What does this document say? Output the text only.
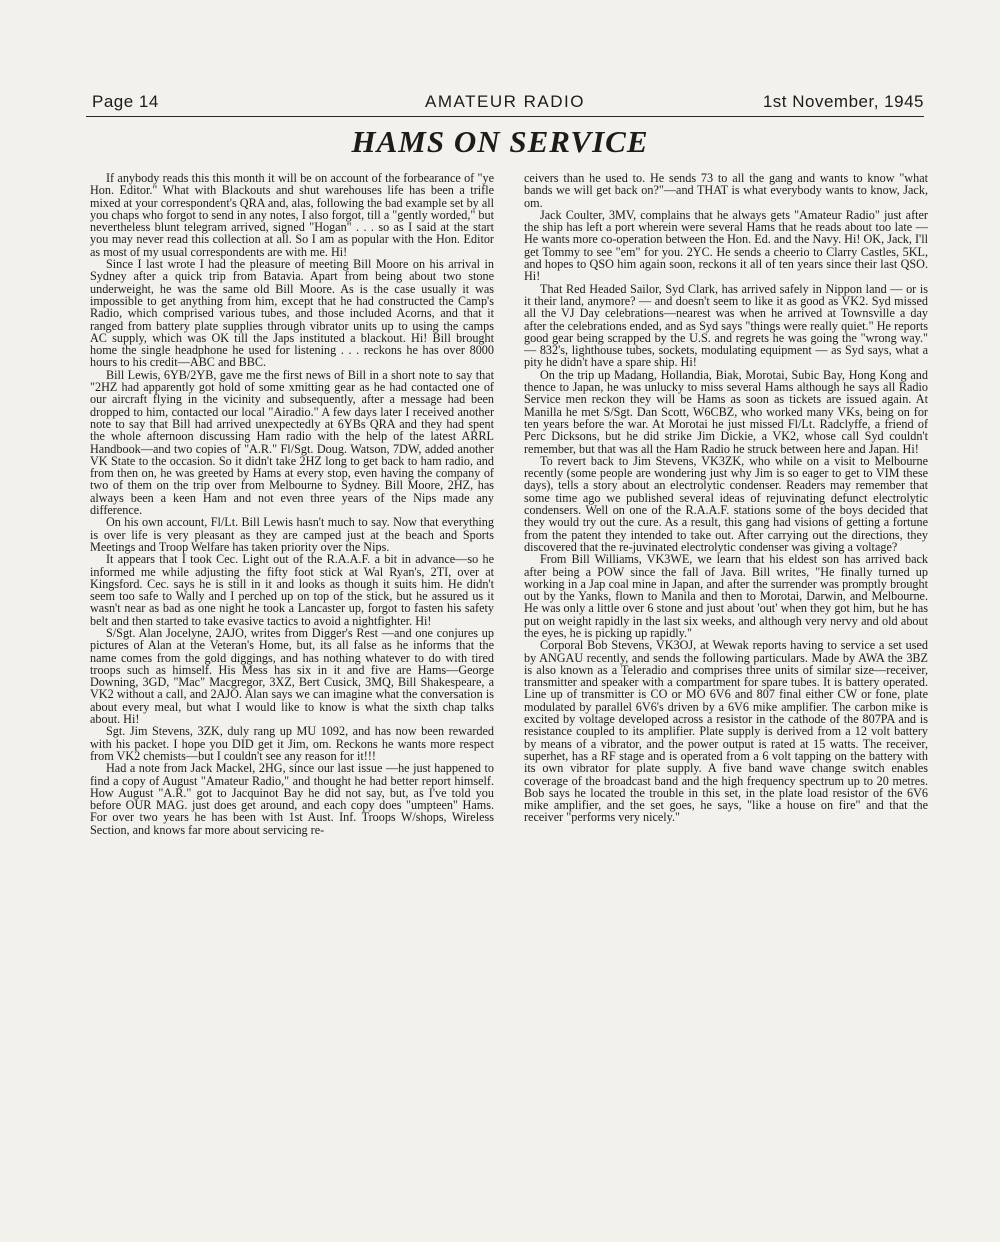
Page 14	AMATEUR RADIO	1st November, 1945
HAMS ON SERVICE

If anybody reads this this month it will be on account of the forbearance of "ye Hon. Editor." What with Blackouts and shut warehouses life has been a trifle mixed at your correspondent's QRA and, alas, following the bad example set by all you chaps who forgot to send in any notes, I also forgot, till a "gently worded," but nevertheless blunt telegram arrived, signed "Hogan" . . . so as I said at the start you may never read this collection at all. So I am as popular with the Hon. Editor as most of my usual correspondents are with me. Hi!

Since I last wrote I had the pleasure of meeting Bill Moore on his arrival in Sydney after a quick trip from Batavia. Apart from being about two stone underweight, he was the same old Bill Moore. As is the case usually it was impossible to get anything from him, except that he had constructed the Camp's Radio, which comprised various tubes, and those included Acorns, and that it ranged from battery plate supplies through vibrator units up to using the camps AC supply, which was OK till the Japs instituted a blackout. Hi! Bill brought home the single headphone he used for listening . . . reckons he has over 8000 hours to his credit—ABC and BBC.

Bill Lewis, 6YB/2YB, gave me the first news of Bill in a short note to say that "2HZ had apparently got hold of some xmitting gear as he had contacted one of our aircraft flying in the vicinity and subsequently, after a message had been dropped to him, contacted our local "Airadio." A few days later I received another note to say that Bill had arrived unexpectedly at 6YBs QRA and they had spent the whole afternoon discussing Ham radio with the help of the latest ARRL Handbook—and two copies of "A.R." Fl/Sgt. Doug. Watson, 7DW, added another VK State to the occasion. So it didn't take 2HZ long to get back to ham radio, and from then on, he was greeted by Hams at every stop, even having the company of two of them on the trip over from Melbourne to Sydney. Bill Moore, 2HZ, has always been a keen Ham and not even three years of the Nips made any difference.

On his own account, Fl/Lt. Bill Lewis hasn't much to say. Now that everything is over life is very pleasant as they are camped just at the beach and Sports Meetings and Troop Welfare has taken priority over the Nips.

It appears that I took Cec. Light out of the R.A.A.F. a bit in advance—so he informed me while adjusting the fifty foot stick at Wal Ryan's, 2TI, over at Kingsford. Cec. says he is still in it and looks as though it suits him. He didn't seem too safe to Wally and I perched up on top of the stick, but he assured us it wasn't near as bad as one night he took a Lancaster up, forgot to fasten his safety belt and then started to take evasive tactics to avoid a nightfighter. Hi!

S/Sgt. Alan Jocelyne, 2AJO, writes from Digger's Rest —and one conjures up pictures of Alan at the Veteran's Home, but, its all false as he informs that the name comes from the gold diggings, and has nothing whatever to do with tired troops such as himself. His Mess has six in it and five are Hams—George Downing, 3GD, "Mac" Macgregor, 3XZ, Bert Cusick, 3MQ, Bill Shakespeare, a VK2 without a call, and 2AJO. Alan says we can imagine what the conversation is about every meal, but what I would like to know is what the sixth chap talks about. Hi!

Sgt. Jim Stevens, 3ZK, duly rang up MU 1092, and has now been rewarded with his packet. I hope you DID get it Jim, om. Reckons he wants more respect from VK2 chemists—but I couldn't see any reason for it!!!

Had a note from Jack Mackel, 2HG, since our last issue —he just happened to find a copy of August "Amateur Radio," and thought he had better report himself. How August "A.R." got to Jacquinot Bay he did not say, but, as I've told you before OUR MAG. just does get around, and each copy does "umpteen" Hams. For over two years he has been with 1st Aust. Inf. Troops W/shops, Wireless Section, and knows far more about servicing re-

ceivers than he used to. He sends 73 to all the gang and wants to know "what bands we will get back on?"—and THAT is what everybody wants to know, Jack, om.

Jack Coulter, 3MV, complains that he always gets "Amateur Radio" just after the ship has left a port wherein were several Hams that he reads about too late —He wants more co-operation between the Hon. Ed. and the Navy. Hi! OK, Jack, I'll get Tommy to see "em" for you. 2YC. He sends a cheerio to Clarry Castles, 5KL, and hopes to QSO him again soon, reckons it all of ten years since their last QSO. Hi!

That Red Headed Sailor, Syd Clark, has arrived safely in Nippon land — or is it their land, anymore? — and doesn't seem to like it as good as VK2. Syd missed all the VJ Day celebrations—nearest was when he arrived at Townsville a day after the celebrations ended, and as Syd says "things were really quiet." He reports good gear being scrapped by the U.S. and regrets he was going the "wrong way." — 832's, lighthouse tubes, sockets, modulating equipment — as Syd says, what a pity he didn't have a spare ship. Hi!

On the trip up Madang, Hollandia, Biak, Morotai, Subic Bay, Hong Kong and thence to Japan, he was unlucky to miss several Hams although he says all Radio Service men reckon they will be Hams as soon as tickets are issued again. At Manilla he met S/Sgt. Dan Scott, W6CBZ, who worked many VKs, being on for ten years before the war. At Morotai he just missed Fl/Lt. Radclyffe, a friend of Perc Dicksons, but he did strike Jim Dickie, a VK2, whose call Syd couldn't remember, but that was all the Ham Radio he struck between here and Japan. Hi!

To revert back to Jim Stevens, VK3ZK, who while on a visit to Melbourne recently (some people are wondering just why Jim is so eager to get to VIM these days), tells a story about an electrolytic condenser. Readers may remember that some time ago we published several ideas of rejuvinating defunct electrolytic condensers. Well on one of the R.A.A.F. stations some of the boys decided that they would try out the cure. As a result, this gang had visions of getting a fortune from the patent they intended to take out. After carrying out the directions, they discovered that the re-juvinated electrolytic condenser was giving a voltage?

From Bill Williams, VK3WE, we learn that his eldest son has arrived back after being a POW since the fall of Java. Bill writes, "He finally turned up working in a Jap coal mine in Japan, and after the surrender was promptly brought out by the Yanks, flown to Manila and then to Morotai, Darwin, and Melbourne. He was only a little over 6 stone and just about 'out' when they got him, but he has put on weight rapidly in the last six weeks, and although very nervy and old about the eyes, he is picking up rapidly."

Corporal Bob Stevens, VK3OJ, at Wewak reports having to service a set used by ANGAU recently, and sends the following particulars. Made by AWA the 3BZ is also known as a Teleradio and comprises three units of similar size—receiver, transmitter and speaker with a compartment for spare tubes. It is battery operated. Line up of transmitter is CO or MO 6V6 and 807 final either CW or fone, plate modulated by parallel 6V6's driven by a 6V6 mike amplifier. The carbon mike is excited by voltage developed across a resistor in the cathode of the 807PA and is resistance coupled to its amplifier. Plate supply is derived from a 12 volt battery by means of a vibrator, and the power output is rated at 15 watts. The receiver, superhet, has a RF stage and is operated from a 6 volt tapping on the battery with its own vibrator for plate supply. A five band wave change switch enables coverage of the broadcast band and the high frequency spectrum up to 20 metres. Bob says he located the trouble in this set, in the plate load resistor of the 6V6 mike amplifier, and the set goes, he says, "like a house on fire" and that the receiver "performs very nicely."
